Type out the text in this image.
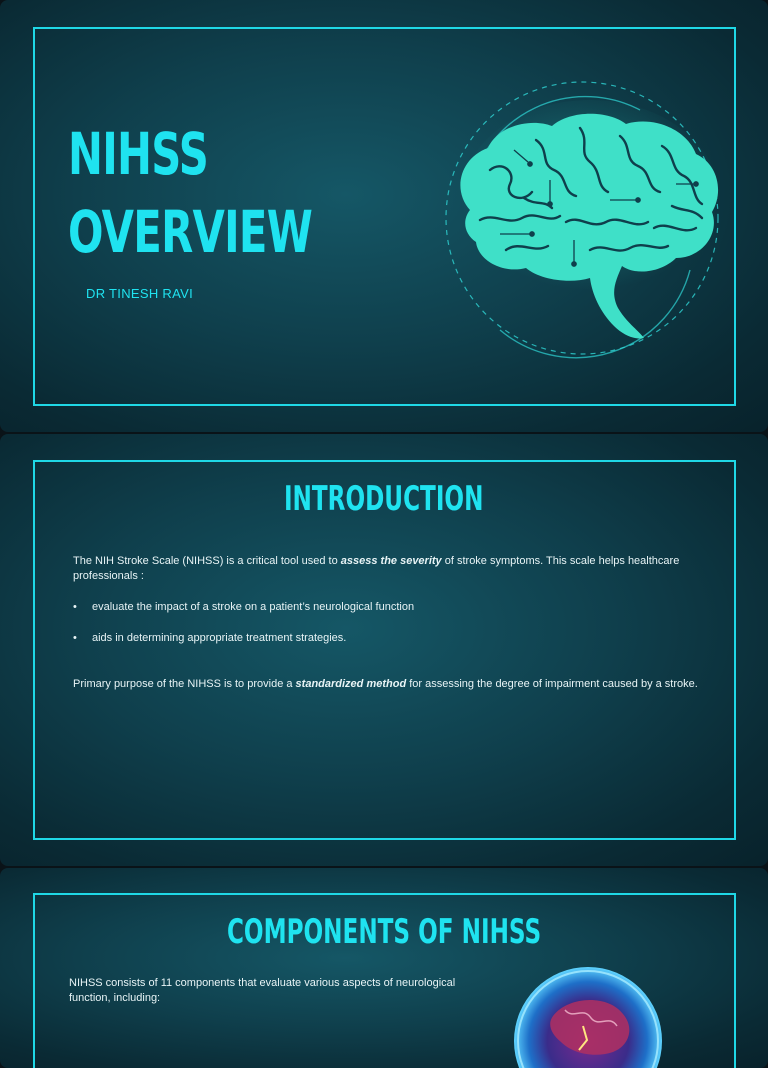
NIHSS
OVERVIEW
DR TINESH RAVI
INTRODUCTION
The NIH Stroke Scale (NIHSS) is a critical tool used to assess the severity of stroke symptoms. This scale helps healthcare professionals :
• evaluate the impact of a stroke on a patient’s neurological function
• aids in determining appropriate treatment strategies.
Primary purpose of the NIHSS is to provide a standardized method for assessing the degree of impairment caused by a stroke.
COMPONENTS OF NIHSS
NIHSS consists of 11 components that evaluate various aspects of neurological function, including:
